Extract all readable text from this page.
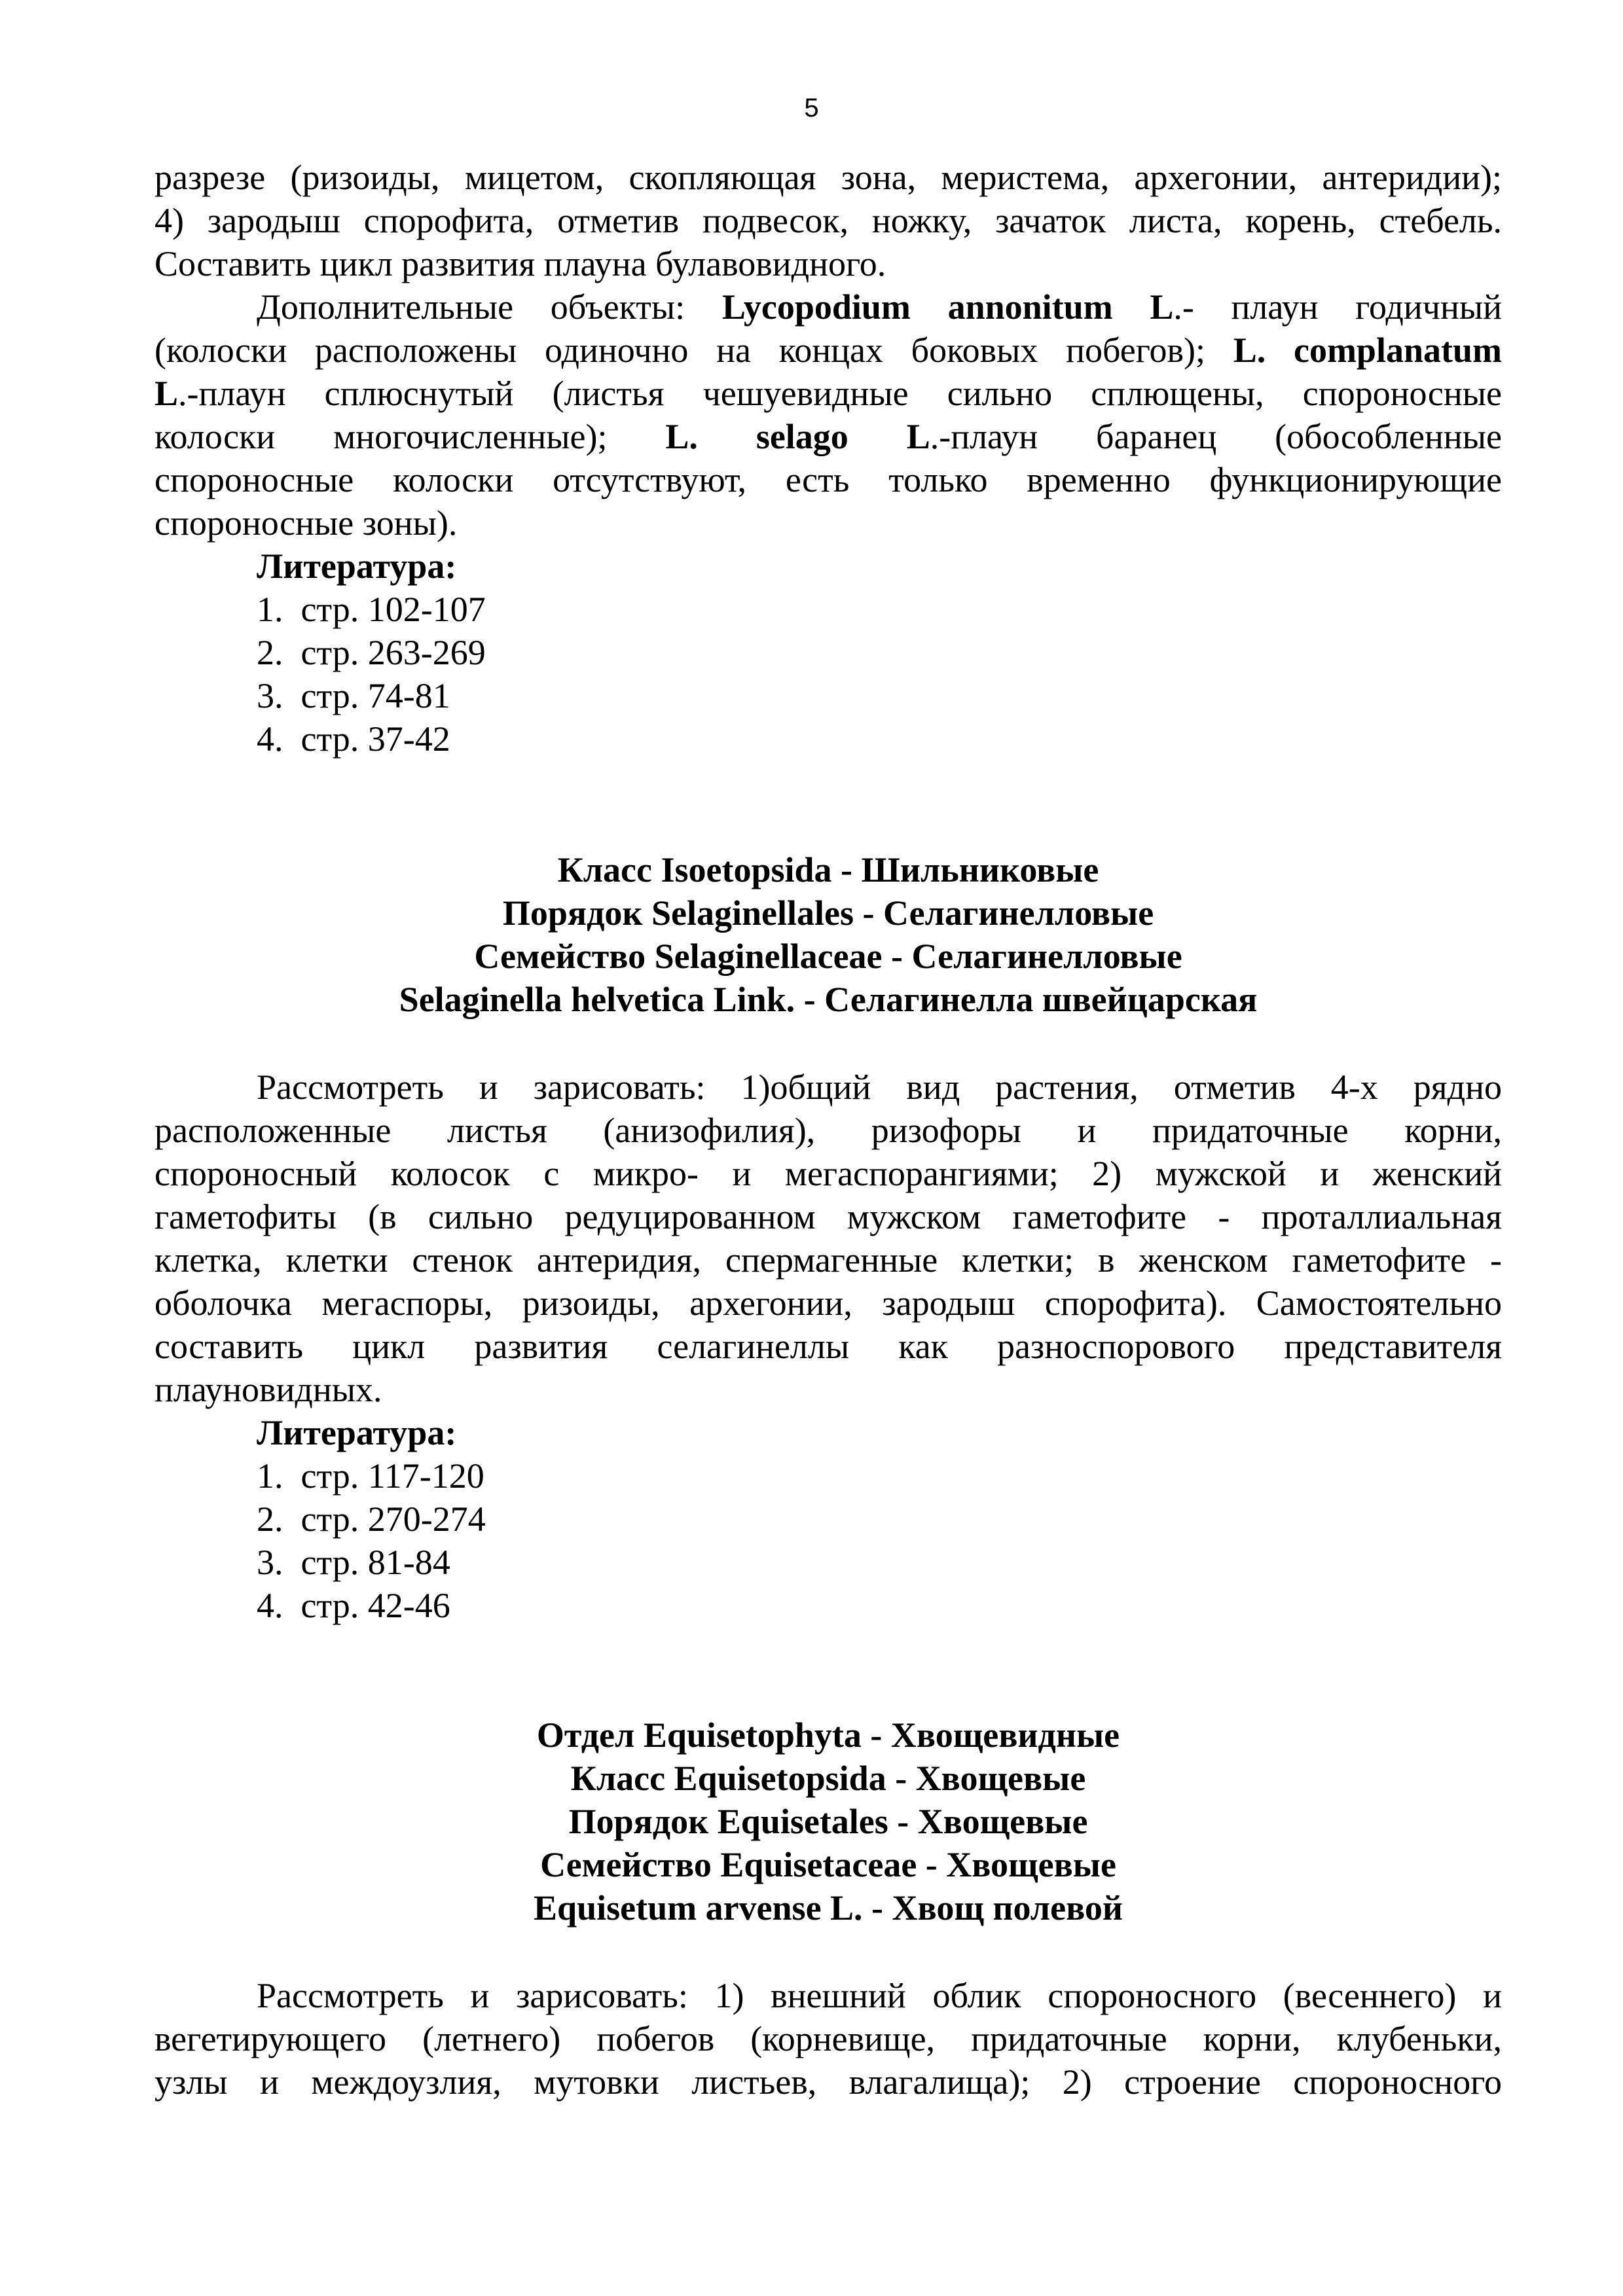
5
разрезе (ризоиды, мицетом, скопляющая зона, меристема, архегонии, антеридии);
4) зародыш спорофита, отметив подвесок, ножку, зачаток листа, корень, стебель.
Составить цикл развития плауна булавовидного.
Дополнительные объекты: Lycopodium annonitum L.- плаун годичный
(колоски расположены одиночно на концах боковых побегов); L. complanatum
L.-плаун сплюснутый (листья чешуевидные сильно сплющены, спороносные
колоски многочисленные); L. selago L.-плаун баранец (обособленные
спороносные колоски отсутствуют, есть только временно функционирующие
спороносные зоны).
Литература:
1.  стр. 102-107
2.  стр. 263-269
3.  стр. 74-81
4.  стр. 37-42
Класс Isoetopsida - Шильниковые
Порядок Selaginellales - Селагинелловые
Семейство Selaginellaceae - Селагинелловые
Selaginella helvetica Link. - Селагинелла швейцарская
Рассмотреть и зарисовать: 1)общий вид растения, отметив 4-х рядно
расположенные листья (анизофилия), ризофоры и придаточные корни,
спороносный колосок с микро- и мегаспорангиями; 2) мужской и женский
гаметофиты (в сильно редуцированном мужском гаметофите - проталлиальная
клетка, клетки стенок антеридия, спермагенные клетки; в женском гаметофите -
оболочка мегаспоры, ризоиды, архегонии, зародыш спорофита). Самостоятельно
составить цикл развития селагинеллы как разноспорового представителя
плауновидных.
Литература:
1.  стр. 117-120
2.  стр. 270-274
3.  стр. 81-84
4.  стр. 42-46
Отдел Equisetophyta - Хвощевидные
Класс Equisetopsida - Хвощевые
Порядок Equisetales - Хвощевые
Семейство Equisetaceae - Хвощевые
Equisetum arvense L. - Хвощ полевой
Рассмотреть и зарисовать: 1) внешний облик спороносного (весеннего) и
вегетирующего (летнего) побегов (корневище, придаточные корни, клубеньки,
узлы и междоузлия, мутовки листьев, влагалища); 2) строение спороносного
